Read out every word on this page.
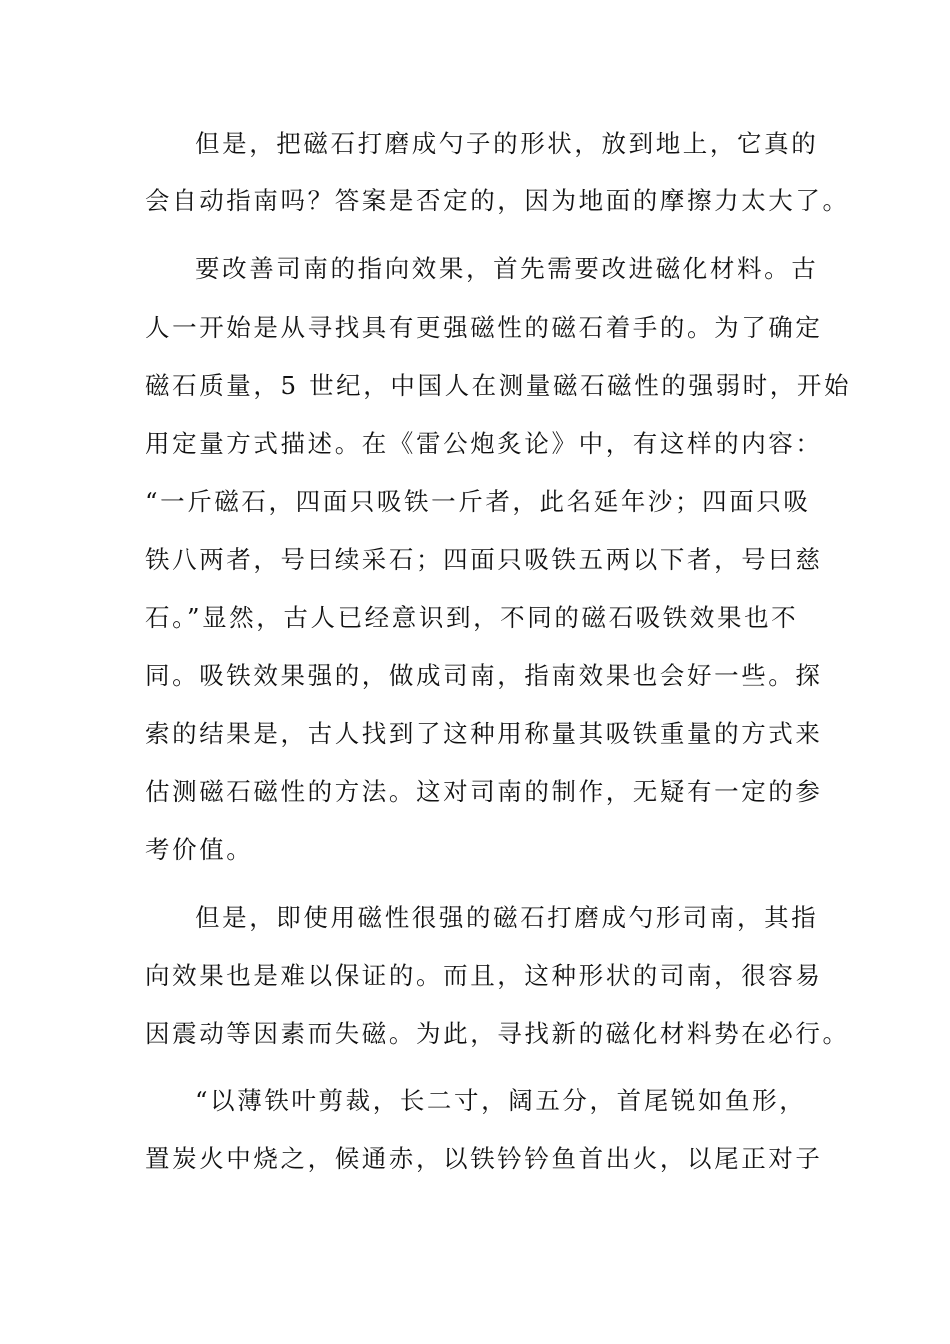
但是，把磁石打磨成勺子的形状，放到地上，它真的
会自动指南吗？答案是否定的，因为地面的摩擦力太大了。
要改善司南的指向效果，首先需要改进磁化材料。古
人一开始是从寻找具有更强磁性的磁石着手的。为了确定
磁石质量，5 世纪，中国人在测量磁石磁性的强弱时，开始
用定量方式描述。在《雷公炮炙论》中，有这样的内容：
“一斤磁石，四面只吸铁一斤者，此名延年沙；四面只吸
铁八两者，号曰续采石；四面只吸铁五两以下者，号曰慈
石。”显然，古人已经意识到，不同的磁石吸铁效果也不
同。吸铁效果强的，做成司南，指南效果也会好一些。探
索的结果是，古人找到了这种用称量其吸铁重量的方式来
估测磁石磁性的方法。这对司南的制作，无疑有一定的参
考价值。
但是，即使用磁性很强的磁石打磨成勺形司南，其指
向效果也是难以保证的。而且，这种形状的司南，很容易
因震动等因素而失磁。为此，寻找新的磁化材料势在必行。
“以薄铁叶剪裁，长二寸，阔五分，首尾锐如鱼形，
置炭火中烧之，候通赤，以铁钤钤鱼首出火，以尾正对子
